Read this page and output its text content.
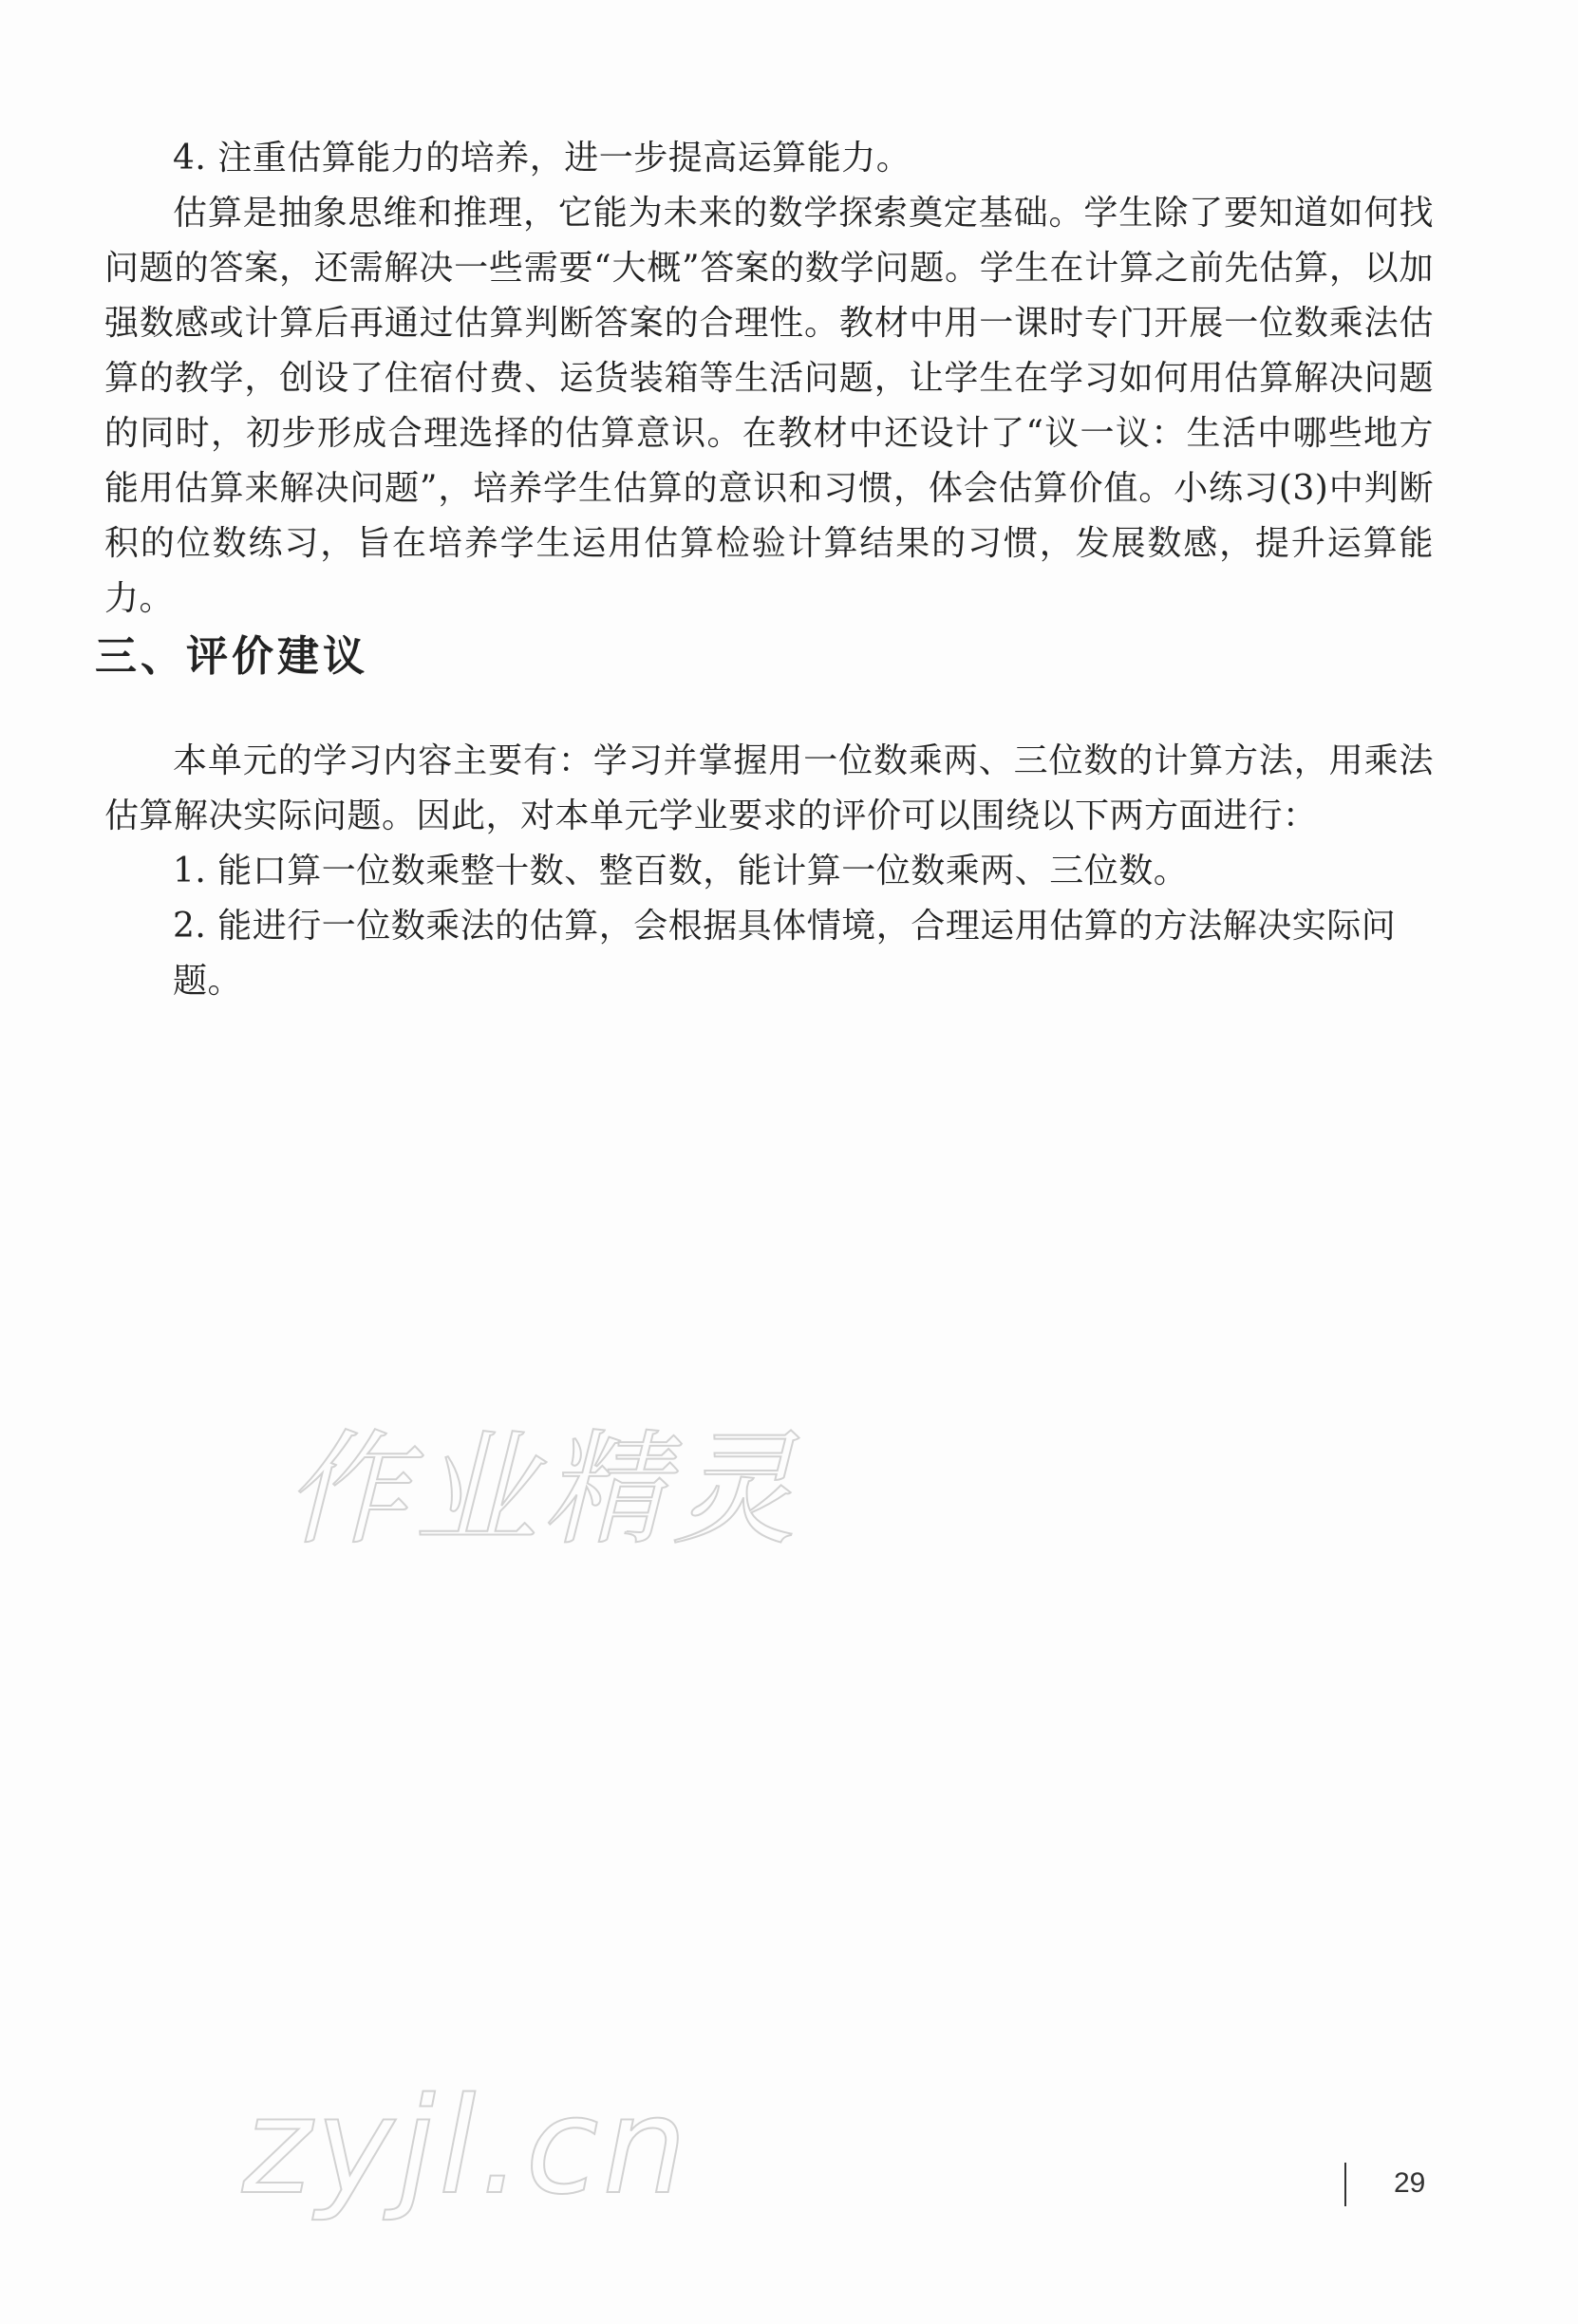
4. 注重估算能力的培养，进一步提高运算能力。

估算是抽象思维和推理，它能为未来的数学探索奠定基础。学生除了要知道如何找问题的答案，还需解决一些需要“大概”答案的数学问题。学生在计算之前先估算，以加强数感或计算后再通过估算判断答案的合理性。教材中用一课时专门开展一位数乘法估算的教学，创设了住宿付费、运货装箱等生活问题，让学生在学习如何用估算解决问题的同时，初步形成合理选择的估算意识。在教材中还设计了“议一议：生活中哪些地方能用估算来解决问题”，培养学生估算的意识和习惯，体会估算价值。小练习(3)中判断积的位数练习，旨在培养学生运用估算检验计算结果的习惯，发展数感，提升运算能力。

三、评价建议

本单元的学习内容主要有：学习并掌握用一位数乘两、三位数的计算方法，用乘法估算解决实际问题。因此，对本单元学业要求的评价可以围绕以下两方面进行：

1. 能口算一位数乘整十数、整百数，能计算一位数乘两、三位数。

2. 能进行一位数乘法的估算，会根据具体情境，合理运用估算的方法解决实际问题。

作业精灵
zyjl.cn	29
